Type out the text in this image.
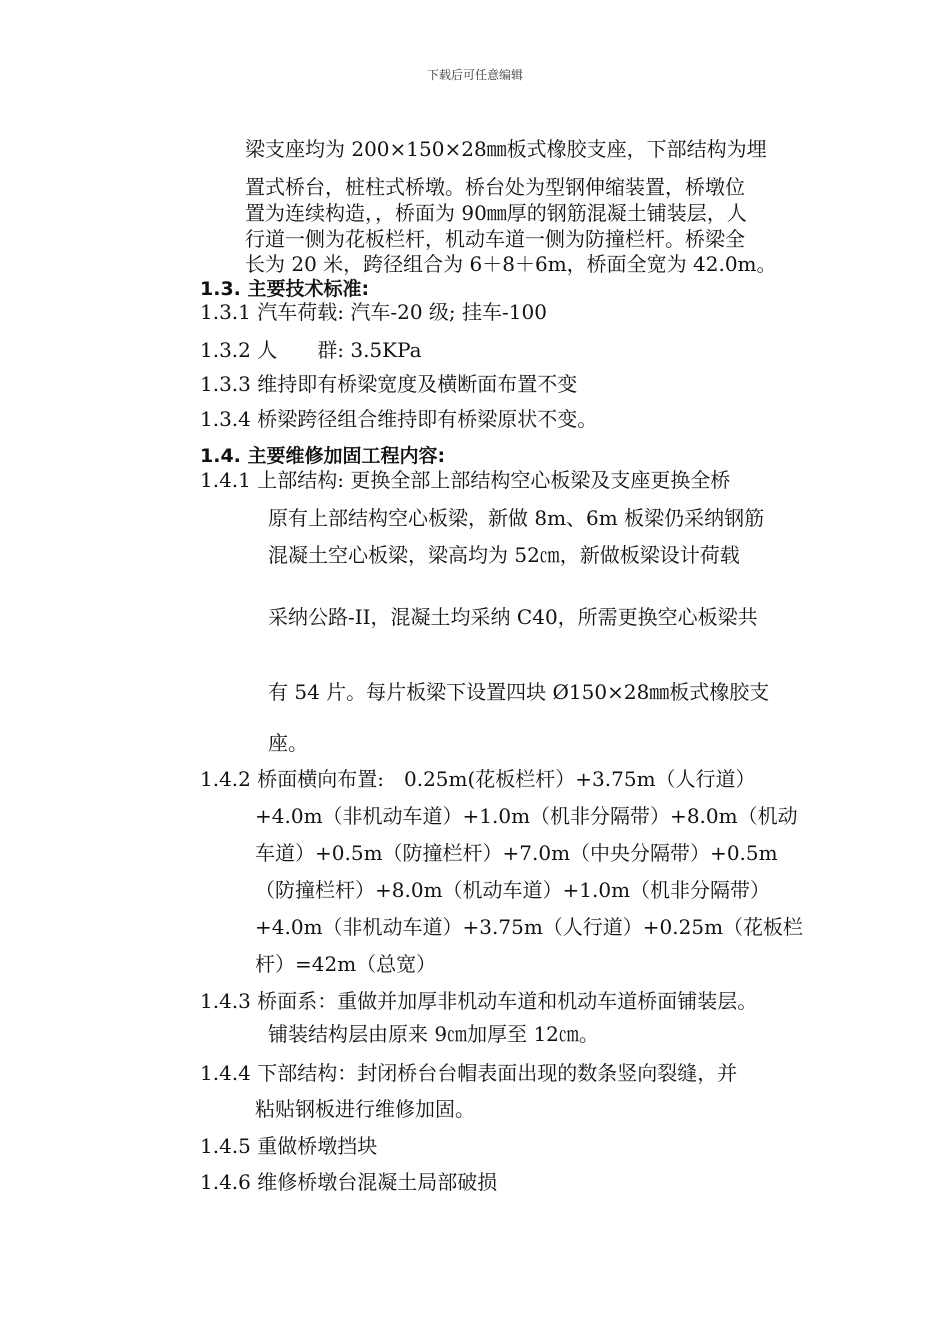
下载后可任意编辑
梁支座均为 200×150×28㎜板式橡胶支座，下部结构为埋
置式桥台，桩柱式桥墩。桥台处为型钢伸缩装置，桥墩位
置为连续构造，，桥面为 90㎜厚的钢筋混凝土铺装层，人
行道一侧为花板栏杆，机动车道一侧为防撞栏杆。桥梁全
长为 20 米，跨径组合为 6＋8＋6m，桥面全宽为 42.0m。
1.3. 主要技术标准:
1.3.1 汽车荷载: 汽车-20 级; 挂车-100
1.3.2 人　　群: 3.5KPa
1.3.3 维持即有桥梁宽度及横断面布置不变
1.3.4 桥梁跨径组合维持即有桥梁原状不变。
1.4. 主要维修加固工程内容:
1.4.1 上部结构: 更换全部上部结构空心板梁及支座更换全桥
原有上部结构空心板梁，新做 8m、6m 板梁仍采纳钢筋
混凝土空心板梁，梁高均为 52㎝，新做板梁设计荷载
采纳公路-II，混凝土均采纳 C40，所需更换空心板梁共
有 54 片。每片板梁下设置四块 Ø150×28㎜板式橡胶支
座。
1.4.2 桥面横向布置:　0.25m(花板栏杆）+3.75m（人行道）
+4.0m（非机动车道）+1.0m（机非分隔带）+8.0m（机动
车道）+0.5m（防撞栏杆）+7.0m（中央分隔带）+0.5m
（防撞栏杆）+8.0m（机动车道）+1.0m（机非分隔带）
+4.0m（非机动车道）+3.75m（人行道）+0.25m（花板栏
杆）=42m（总宽）
1.4.3 桥面系：重做并加厚非机动车道和机动车道桥面铺装层。
铺装结构层由原来 9㎝加厚至 12㎝。
1.4.4 下部结构：封闭桥台台帽表面出现的数条竖向裂缝，并
粘贴钢板进行维修加固。
1.4.5 重做桥墩挡块
1.4.6 维修桥墩台混凝土局部破损
